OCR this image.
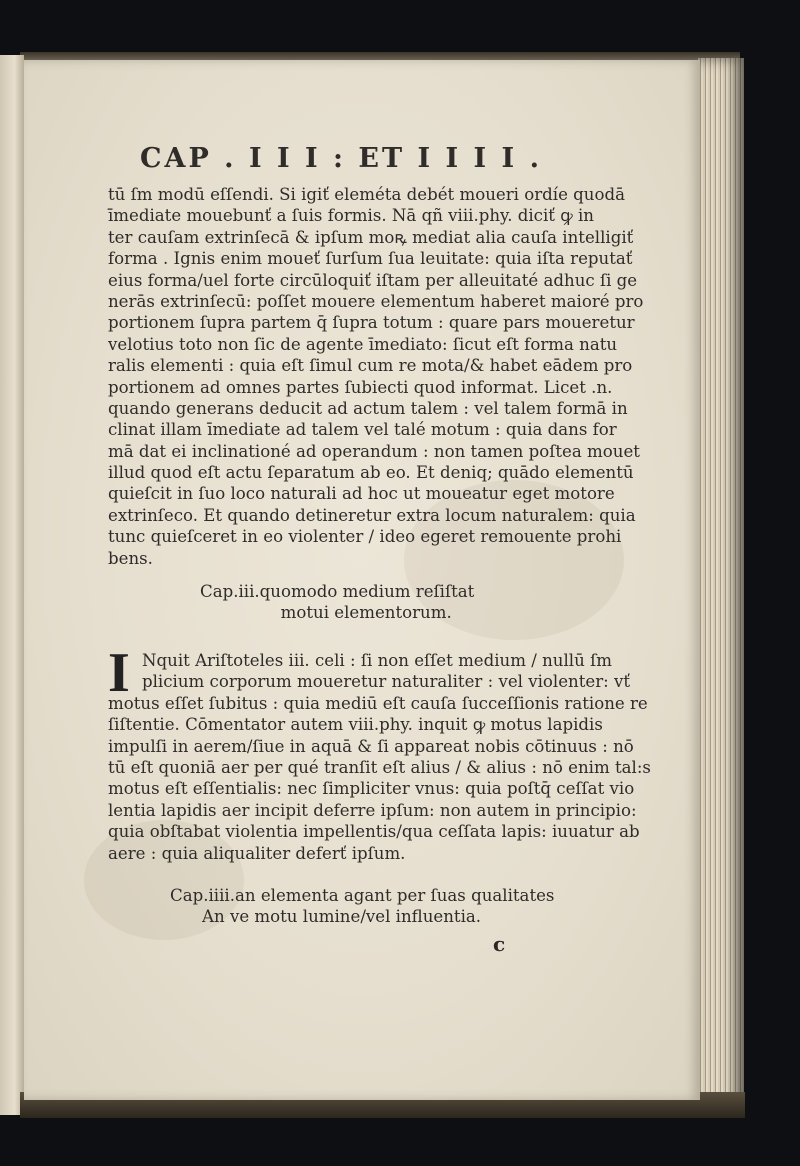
CAP . I I I : ET I I I I .
tū ſm modū eſſendi. Si igiť eleméta debét moueri ordíe quodā
īmediate mouebunť a ſuis formis. Nā qñ viii.phy. diciť ꝙ in
ter cauſam extrinſecā & ipſum moꝶ mediat alia cauſa intelligiť
forma . Ignis enim moueť ſurſum ſua leuitate: quia iſta reputať
eius forma/uel forte circūloquiť iſtam per alleuitaté adhuc ſi ge
nerās extrinſecū: poſſet mouere elementum haberet maioré pro
portionem ſupra partem q̄ ſupra totum : quare pars moueretur
velotius toto non ſic de agente īmediato: ſicut eſt forma natu
ralis elementi : quia eſt ſimul cum re mota/& habet eādem pro
portionem ad omnes partes ſubiecti quod informat. Licet .n.
quando generans deducit ad actum talem : vel talem formā in
clinat illam īmediate ad talem vel talé motum : quia dans for
mā dat ei inclinationé ad operandum : non tamen poſtea mouet
illud quod eſt actu ſeparatum ab eo. Et deniq; quādo elementū
quieſcit in ſuo loco naturali ad hoc ut moueatur eget motore
extrinſeco. Et quando detineretur extra locum naturalem: quia
tunc quieſceret in eo violenter / ideo egeret remouente prohi
bens.
Cap.iii.quomodo medium reſiſtat
motui elementorum.
I Nquit Ariſtoteles iii. celi : ſi non eſſet medium / nullū ſm
plicium corporum moueretur naturaliter : vel violenter: vť
motus eſſet ſubitus : quia mediū eſt cauſa ſucceſſionis ratione re
ſiſtentie. Cōmentator autem viii.phy. inquit ꝙ motus lapidis
impulſi in aerem/ſiue in aquā & ſi appareat nobis cōtinuus : nō
tū eſt quoniā aer per qué tranſit eſt alius / & alius : nō enim tal:s
motus eſt eſſentialis: nec ſimpliciter vnus: quia poſtq̄ ceſſat vio
lentia lapidis aer incipit deferre ipſum: non autem in principio:
quia obſtabat violentia impellentis/qua ceſſata lapis: iuuatur ab
aere : quia aliqualiter deferť ipſum.
Cap.iiii.an elementa agant per ſuas qualitates
An ve motu lumine/vel influentia.
c
